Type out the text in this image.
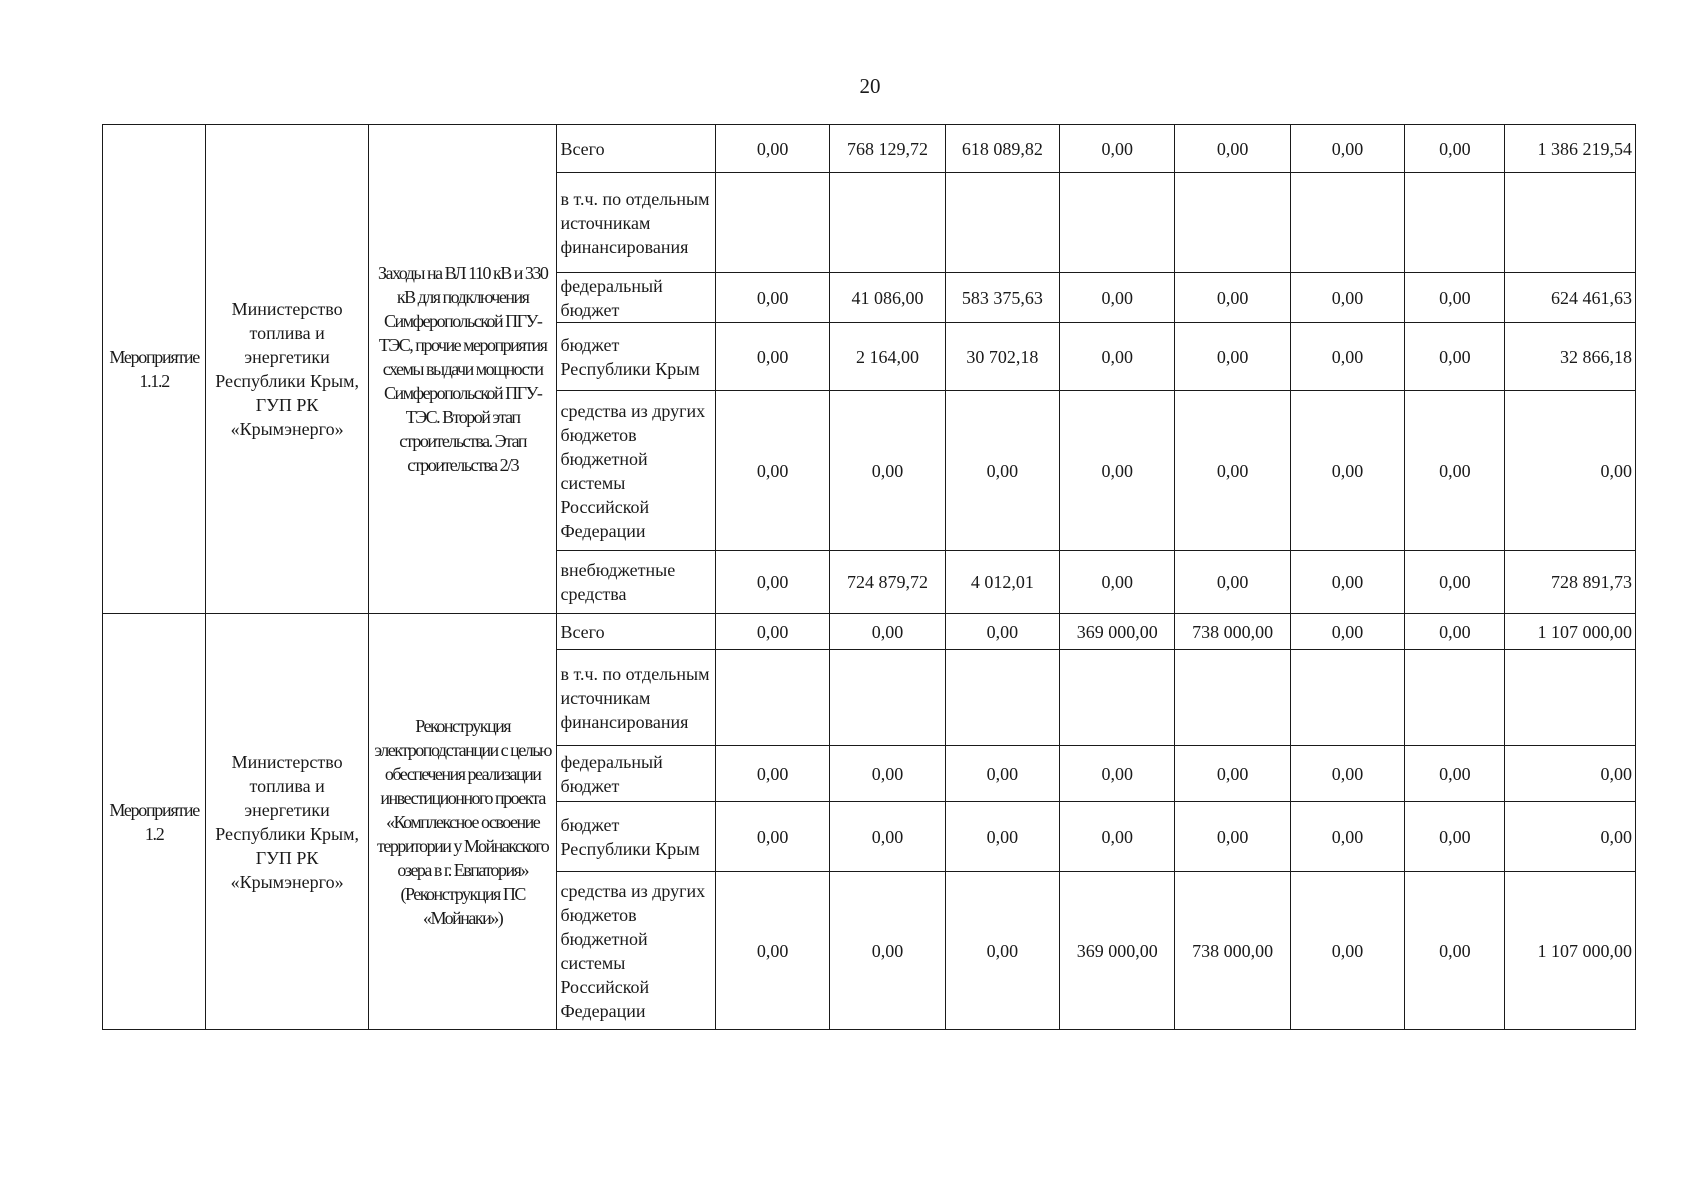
20
Мероприятие 1.1.2	Министерство топлива и энергетики Республики Крым, ГУП РК «Крымэнерго»	Заходы на ВЛ 110 кВ и 330 кВ для подключения Симферопольской ПГУ-ТЭС, прочие мероприятия схемы выдачи мощности Симферопольской ПГУ-ТЭС. Второй этап строительства. Этап строительства 2/3	Всего	0,00	768 129,72	618 089,82	0,00	0,00	0,00	0,00	1 386 219,54
			в т.ч. по отдельным источникам финансирования								
			федеральный бюджет	0,00	41 086,00	583 375,63	0,00	0,00	0,00	0,00	624 461,63
			бюджет Республики Крым	0,00	2 164,00	30 702,18	0,00	0,00	0,00	0,00	32 866,18
			средства из других бюджетов бюджетной системы Российской Федерации	0,00	0,00	0,00	0,00	0,00	0,00	0,00	0,00
			внебюджетные средства	0,00	724 879,72	4 012,01	0,00	0,00	0,00	0,00	728 891,73
Мероприятие 1.2	Министерство топлива и энергетики Республики Крым, ГУП РК «Крымэнерго»	Реконструкция электроподстанции с целью обеспечения реализации инвестиционного проекта «Комплексное освоение территории у Мойнакского озера в г. Евпатория» (Реконструкция ПС «Мойнаки»)	Всего	0,00	0,00	0,00	369 000,00	738 000,00	0,00	0,00	1 107 000,00
			в т.ч. по отдельным источникам финансирования								
			федеральный бюджет	0,00	0,00	0,00	0,00	0,00	0,00	0,00	0,00
			бюджет Республики Крым	0,00	0,00	0,00	0,00	0,00	0,00	0,00	0,00
			средства из других бюджетов бюджетной системы Российской Федерации	0,00	0,00	0,00	369 000,00	738 000,00	0,00	0,00	1 107 000,00
